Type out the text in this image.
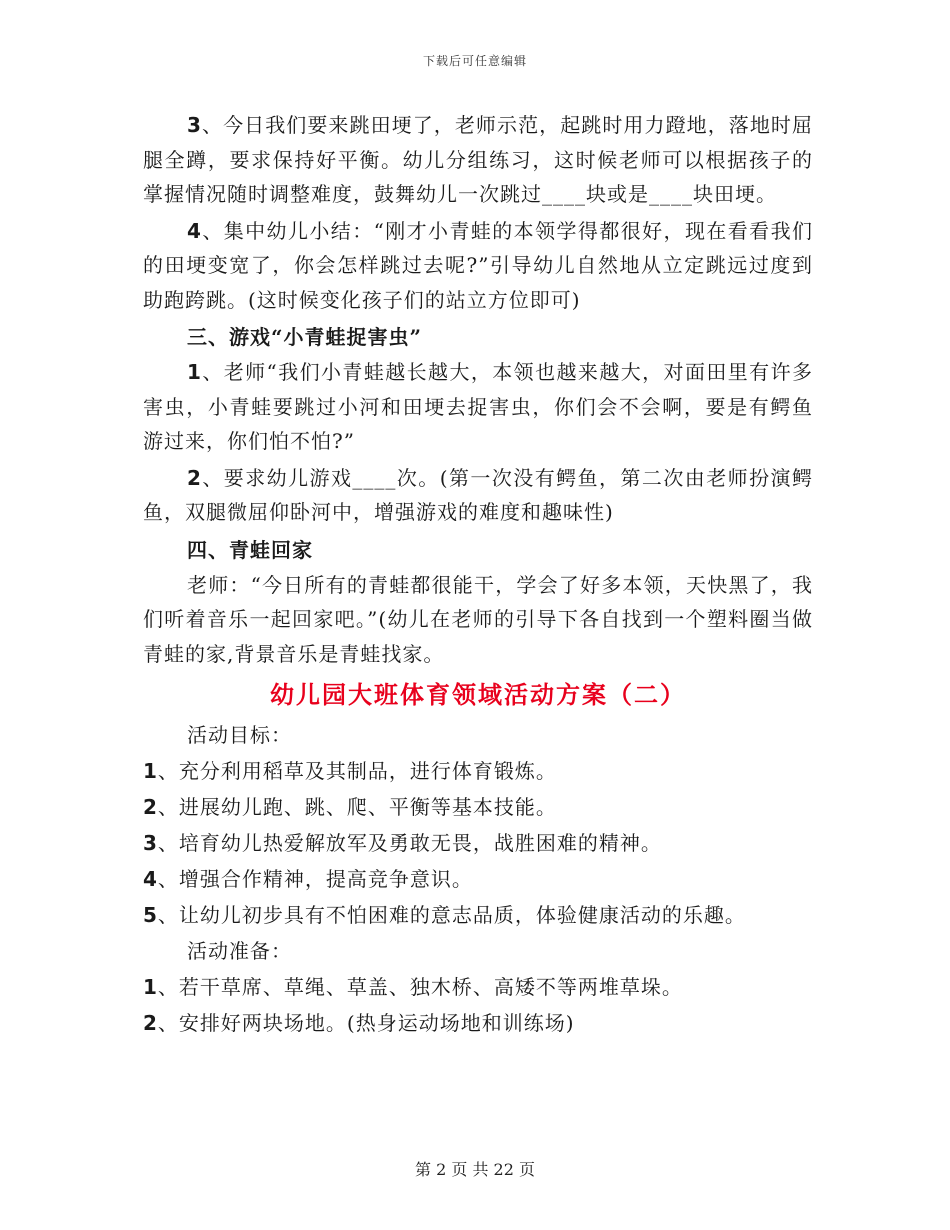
下载后可任意编辑

3、今日我们要来跳田埂了，老师示范，起跳时用力蹬地，落地时屈腿全蹲，要求保持好平衡。幼儿分组练习，这时候老师可以根据孩子的掌握情况随时调整难度，鼓舞幼儿一次跳过____块或是____块田埂。

4、集中幼儿小结：“刚才小青蛙的本领学得都很好，现在看看我们的田埂变宽了，你会怎样跳过去呢?”引导幼儿自然地从立定跳远过度到助跑跨跳。(这时候变化孩子们的站立方位即可)

三、游戏“小青蛙捉害虫”

1、老师“我们小青蛙越长越大，本领也越来越大，对面田里有许多害虫，小青蛙要跳过小河和田埂去捉害虫，你们会不会啊，要是有鳄鱼游过来，你们怕不怕?”

2、要求幼儿游戏____次。(第一次没有鳄鱼，第二次由老师扮演鳄鱼，双腿微屈仰卧河中，增强游戏的难度和趣味性)

四、青蛙回家

老师：“今日所有的青蛙都很能干，学会了好多本领，天快黑了，我们听着音乐一起回家吧。”(幼儿在老师的引导下各自找到一个塑料圈当做青蛙的家,背景音乐是青蛙找家。

幼儿园大班体育领域活动方案（二）
活动目标：
1、充分利用稻草及其制品，进行体育锻炼。
2、进展幼儿跑、跳、爬、平衡等基本技能。
3、培育幼儿热爱解放军及勇敢无畏，战胜困难的精神。
4、增强合作精神，提高竞争意识。
5、让幼儿初步具有不怕困难的意志品质，体验健康活动的乐趣。
活动准备：
1、若干草席、草绳、草盖、独木桥、高矮不等两堆草垛。
2、安排好两块场地。(热身运动场地和训练场)
第 2 页 共 22 页
